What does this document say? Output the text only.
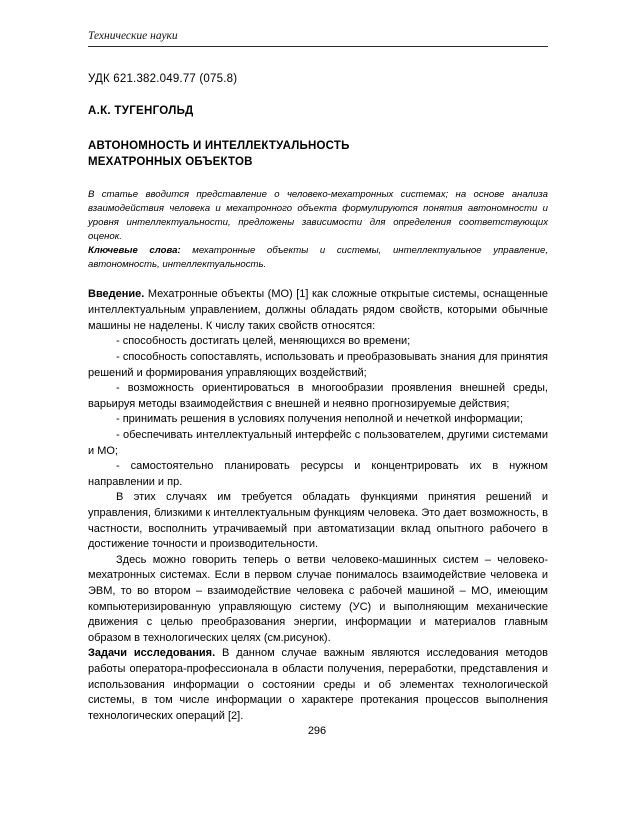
Технические науки
УДК 621.382.049.77 (075.8)
А.К. ТУГЕНГОЛЬД
АВТОНОМНОСТЬ И ИНТЕЛЛЕКТУАЛЬНОСТЬ
МЕХАТРОННЫХ ОБЪЕКТОВ
В статье вводится представление о человеко-мехатронных системах; на основе анализа взаимодействия человека и мехатронного объекта формулируются понятия автономности и уровня интеллектуальности, предложены зависимости для определения соответствующих оценок.
Ключевые слова: мехатронные объекты и системы, интеллектуальное управление, автономность, интеллектуальность.

Введение. Мехатронные объекты (МО) [1] как сложные открытые системы, оснащенные интеллектуальным управлением, должны обладать рядом свойств, которыми обычные машины не наделены. К числу таких свойств относятся:

- способность достигать целей, меняющихся во времени;

- способность сопоставлять, использовать и преобразовывать знания для принятия решений и формирования управляющих воздействий;

- возможность ориентироваться в многообразии проявления внешней среды, варьируя методы взаимодействия с внешней и неявно прогнозируемые действия;

- принимать решения в условиях получения неполной и нечеткой информации;

- обеспечивать интеллектуальный интерфейс с пользователем, другими системами и МО;

- самостоятельно планировать ресурсы и концентрировать их в нужном направлении и пр.

В этих случаях им требуется обладать функциями принятия решений и управления, близкими к интеллектуальным функциям человека. Это дает возможность, в частности, восполнить утрачиваемый при автоматизации вклад опытного рабочего в достижение точности и производительности.

Здесь можно говорить теперь о ветви человеко-машинных систем – человеко-мехатронных системах. Если в первом случае понималось взаимодействие человека и ЭВМ, то во втором – взаимодействие человека с рабочей машиной – МО, имеющим компьютеризированную управляющую систему (УС) и выполняющим механические движения с целью преобразования энергии, информации и материалов главным образом в технологических целях (см.рисунок).

Задачи исследования. В данном случае важным являются исследования методов работы оператора-профессионала в области получения, переработки, представления и использования информации о состоянии среды и об элементах технологической системы, в том числе информации о характере протекания процессов выполнения технологических операций [2].

296
